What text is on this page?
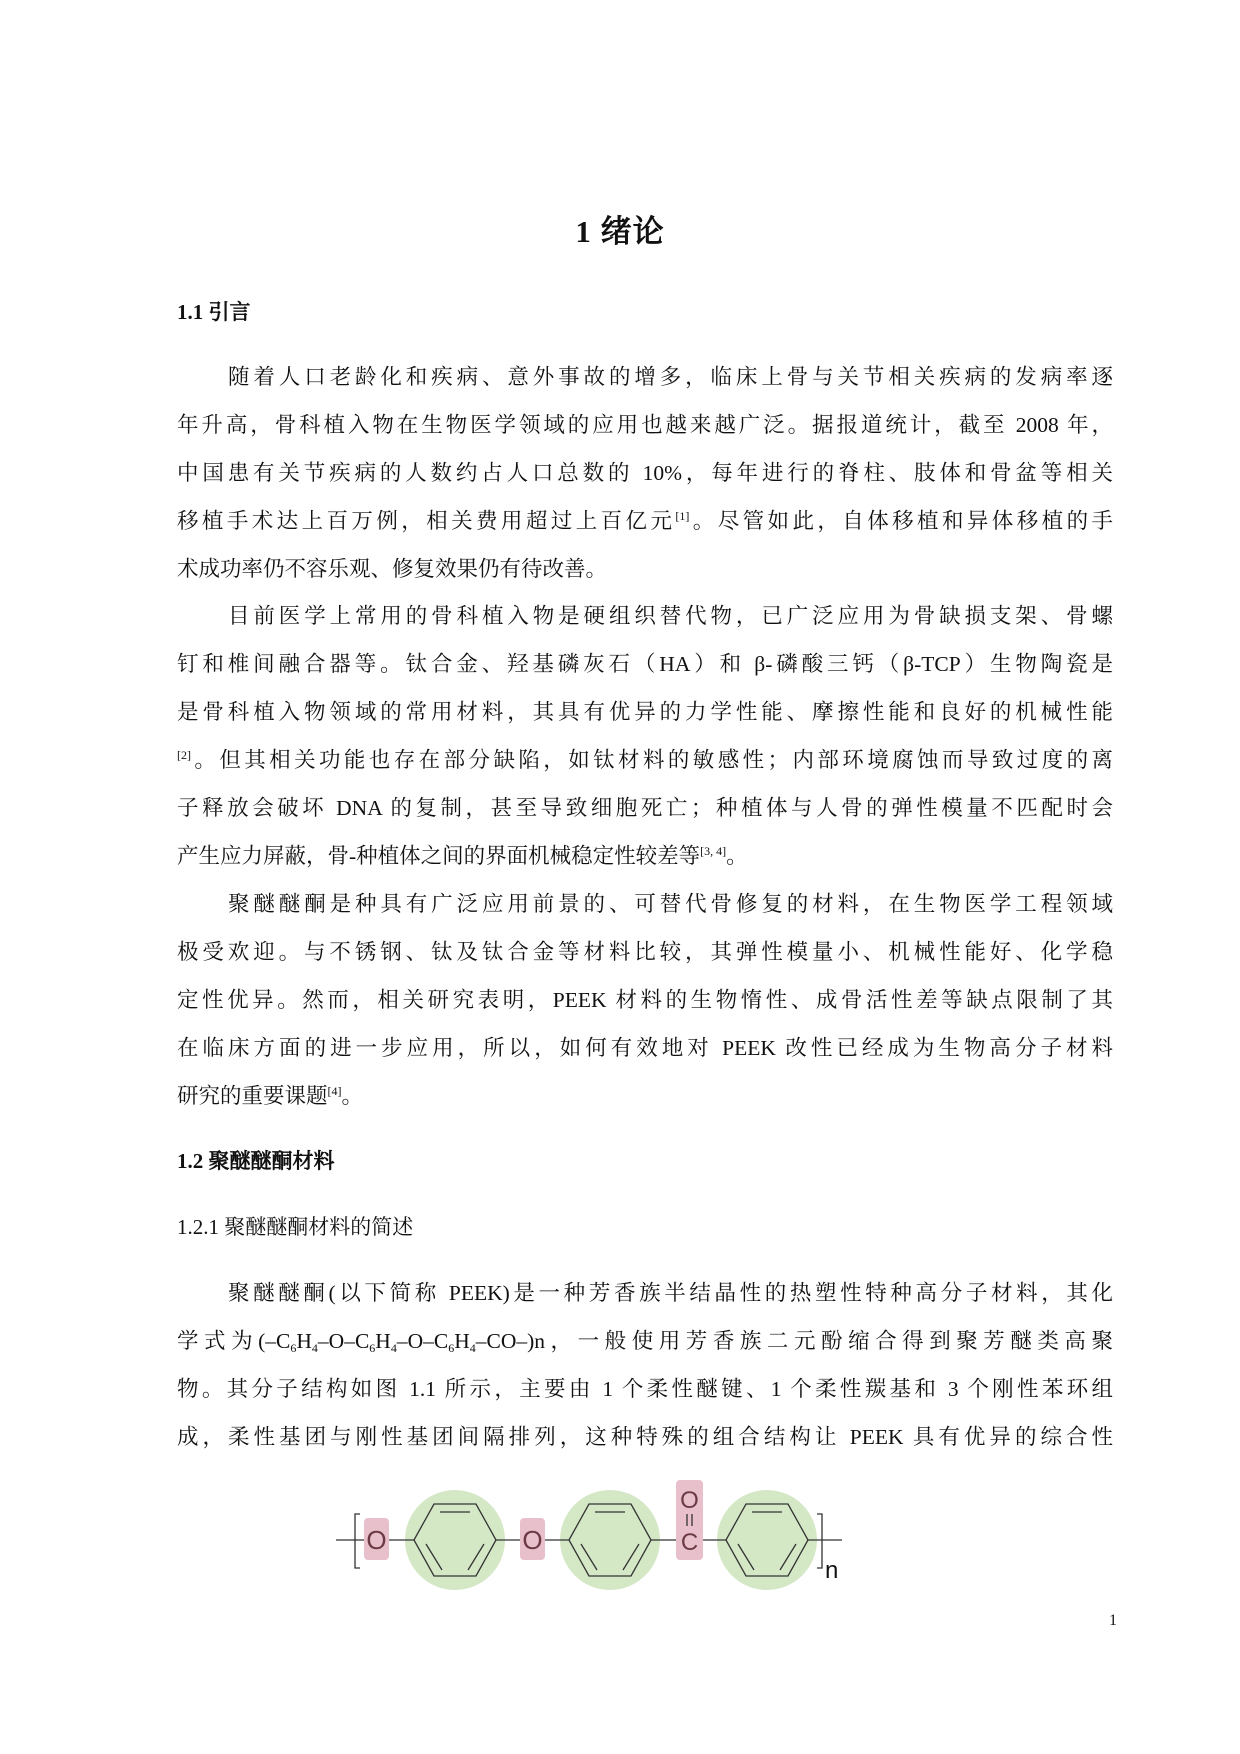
1 绪论
1.1 引言
随着人口老龄化和疾病、意外事故的增多，临床上骨与关节相关疾病的发病率逐
年升高，骨科植入物在生物医学领域的应用也越来越广泛。据报道统计，截至 2008 年，
中国患有关节疾病的人数约占人口总数的 10%，每年进行的脊柱、肢体和骨盆等相关
移植手术达上百万例，相关费用超过上百亿元[1]。尽管如此，自体移植和异体移植的手
术成功率仍不容乐观、修复效果仍有待改善。
目前医学上常用的骨科植入物是硬组织替代物，已广泛应用为骨缺损支架、骨螺
钉和椎间融合器等。钛合金、羟基磷灰石（HA）和 β-磷酸三钙（β-TCP）生物陶瓷是
是骨科植入物领域的常用材料，其具有优异的力学性能、摩擦性能和良好的机械性能
[2]。但其相关功能也存在部分缺陷，如钛材料的敏感性；内部环境腐蚀而导致过度的离
子释放会破坏 DNA 的复制，甚至导致细胞死亡；种植体与人骨的弹性模量不匹配时会
产生应力屏蔽，骨-种植体之间的界面机械稳定性较差等[3, 4]。
聚醚醚酮是种具有广泛应用前景的、可替代骨修复的材料，在生物医学工程领域
极受欢迎。与不锈钢、钛及钛合金等材料比较，其弹性模量小、机械性能好、化学稳
定性优异。然而，相关研究表明，PEEK 材料的生物惰性、成骨活性差等缺点限制了其
在临床方面的进一步应用，所以，如何有效地对 PEEK 改性已经成为生物高分子材料
研究的重要课题[4]。
1.2 聚醚醚酮材料
1.2.1 聚醚醚酮材料的简述
聚醚醚酮(以下简称 PEEK)是一种芳香族半结晶性的热塑性特种高分子材料，其化
学式为$(-C_6H_4-O-C_6H_4-O-C_6H_4-CO-)n$，一般使用芳香族二元酚缩合得到聚芳醚类高聚
物。其分子结构如图 1.1 所示，主要由 1 个柔性醚键、1 个柔性羰基和 3 个刚性苯环组
成，柔性基团与刚性基团间隔排列，这种特殊的组合结构让 PEEK 具有优异的综合性
O	O
O
C
n
1
